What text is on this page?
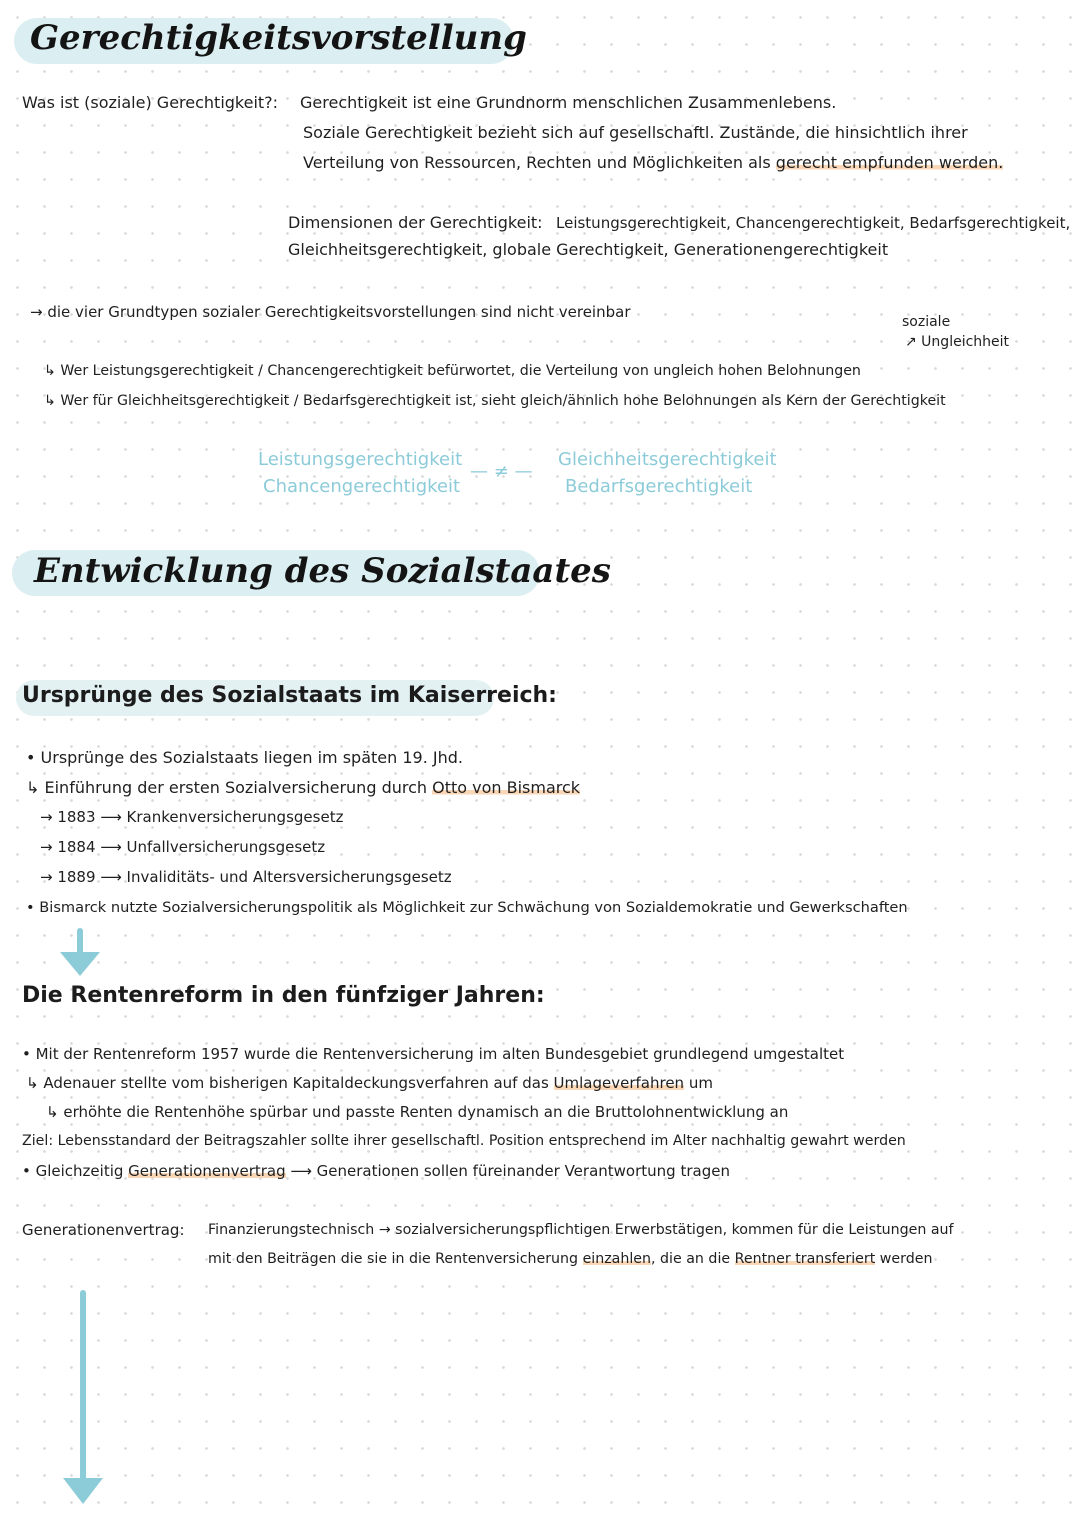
Gerechtigkeitsvorstellung
Was ist (soziale) Gerechtigkeit?: Gerechtigkeit ist eine Grundnorm menschlichen Zusammenlebens.
Soziale Gerechtigkeit bezieht sich auf gesellschaftl. Zustände, die hinsichtlich ihrer
Verteilung von Ressourcen, Rechten und Möglichkeiten als gerecht empfunden werden.
Dimensionen der Gerechtigkeit: Leistungsgerechtigkeit, Chancengerechtigkeit, Bedarfsgerechtigkeit,
Gleichheitsgerechtigkeit, globale Gerechtigkeit, Generationengerechtigkeit
→ die vier Grundtypen sozialer Gerechtigkeitsvorstellungen sind nicht vereinbar
soziale
↗ Ungleichheit
↳ Wer Leistungsgerechtigkeit / Chancengerechtigkeit befürwortet, die Verteilung von ungleich hohen Belohnungen
↳ Wer für Gleichheitsgerechtigkeit / Bedarfsgerechtigkeit ist, sieht gleich/ähnlich hohe Belohnungen als Kern der Gerechtigkeit
Leistungsgerechtigkeit
Chancengerechtigkeit
— ≠ —
Gleichheitsgerechtigkeit
Bedarfsgerechtigkeit
Entwicklung des Sozialstaates
Ursprünge des Sozialstaats im Kaiserreich:
• Ursprünge des Sozialstaats liegen im späten 19. Jhd.
↳ Einführung der ersten Sozialversicherung durch Otto von Bismarck
→ 1883 ⟶ Krankenversicherungsgesetz
→ 1884 ⟶ Unfallversicherungsgesetz
→ 1889 ⟶ Invaliditäts- und Altersversicherungsgesetz
• Bismarck nutzte Sozialversicherungspolitik als Möglichkeit zur Schwächung von Sozialdemokratie und Gewerkschaften
Die Rentenreform in den fünfziger Jahren:
• Mit der Rentenreform 1957 wurde die Rentenversicherung im alten Bundesgebiet grundlegend umgestaltet
↳ Adenauer stellte vom bisherigen Kapitaldeckungsverfahren auf das Umlageverfahren um
↳ erhöhte die Rentenhöhe spürbar und passte Renten dynamisch an die Bruttolohnentwicklung an
Ziel: Lebensstandard der Beitragszahler sollte ihrer gesellschaftl. Position entsprechend im Alter nachhaltig gewahrt werden
• Gleichzeitig Generationenvertrag ⟶ Generationen sollen füreinander Verantwortung tragen
Generationenvertrag: Finanzierungstechnisch → sozialversicherungspflichtigen Erwerbstätigen, kommen für die Leistungen auf
mit den Beiträgen die sie in die Rentenversicherung einzahlen, die an die Rentner transferiert werden
